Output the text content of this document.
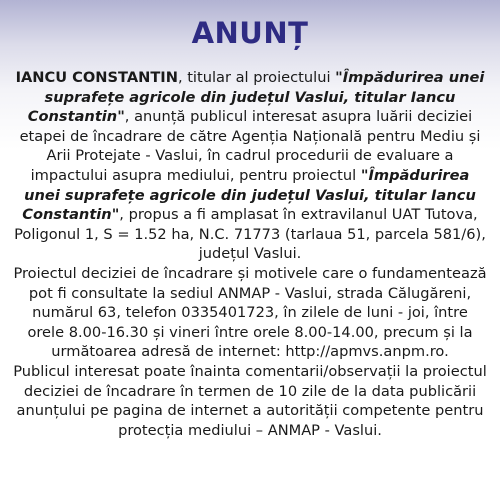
ANUNȚ

IANCU CONSTANTIN, titular al proiectului "Împădurirea unei suprafețe agricole din județul Vaslui, titular Iancu Constantin", anunță publicul interesat asupra luării deciziei etapei de încadrare de către Agenția Națională pentru Mediu și Arii Protejate - Vaslui, în cadrul procedurii de evaluare a impactului asupra mediului, pentru proiectul "Împădurirea unei suprafețe agricole din județul Vaslui, titular Iancu Constantin", propus a fi amplasat în extravilanul UAT Tutova, Poligonul 1, S = 1.52 ha, N.C. 71773 (tarlaua 51, parcela 581/6), județul Vaslui.

Proiectul deciziei de încadrare și motivele care o fundamentează pot fi consultate la sediul ANMAP - Vaslui, strada Călugăreni, numărul 63, telefon 0335401723, în zilele de luni - joi, între orele 8.00-16.30 și vineri între orele 8.00-14.00, precum și la următoarea adresă de internet: http://apmvs.anpm.ro.

Publicul interesat poate înainta comentarii/observații la proiectul deciziei de încadrare în termen de 10 zile de la data publicării anunțului pe pagina de internet a autorității competente pentru protecția mediului – ANMAP - Vaslui.
